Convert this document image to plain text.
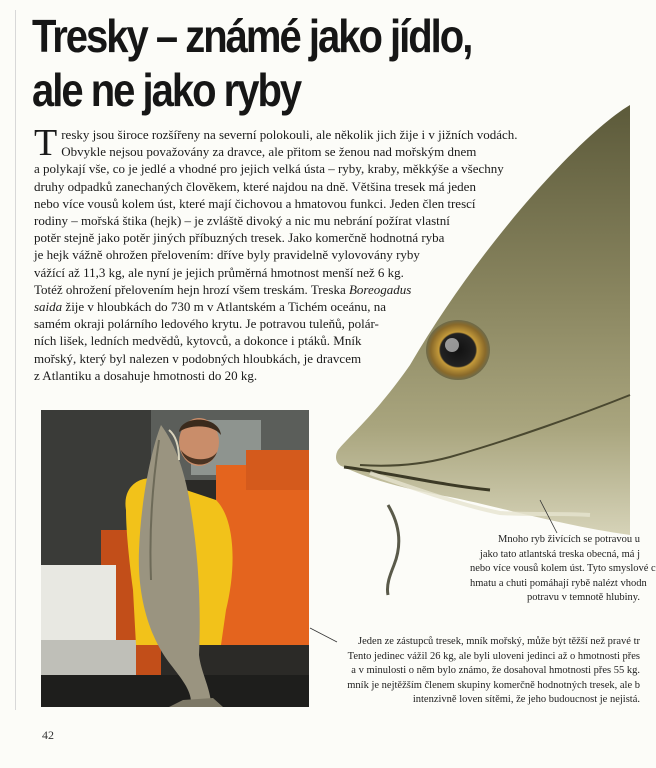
Tresky – známé jako jídlo,
ale ne jako ryby
T resky jsou široce rozšířeny na severní polokouli, ale několik jich žije i v jižních vodách.
Obvykle nejsou považovány za dravce, ale přitom se ženou nad mořským dnem
a polykají vše, co je jedlé a vhodné pro jejich velká ústa – ryby, kraby, měkkýše a všechny
druhy odpadků zanechaných člověkem, které najdou na dně. Většina tresek má jeden
nebo více vousů kolem úst, které mají čichovou a hmatovou funkci. Jeden člen trescí
rodiny – mořská štika (hejk) – je zvláště divoký a nic mu nebrání požírat vlastní
potěr stejně jako potěr jiných příbuzných tresek. Jako komerčně hodnotná ryba
je hejk vážně ohrožen přelovením: dříve byly pravidelně vylovovány ryby
vážící až 11,3 kg, ale nyní je jejich průměrná hmotnost menší než 6 kg.
Totéž ohrožení přelovením hejn hrozí všem treskám. Treska Boreogadus
saida žije v hloubkách do 730 m v Atlantském a Tichém oceánu, na
samém okraji polárního ledového krytu. Je potravou tuleňů, polár-
ních lišek, ledních medvědů, kytovců, a dokonce i ptáků. Mník
mořský, který byl nalezen v podobných hloubkách, je dravcem
z Atlantiku a dosahuje hmotnosti do 20 kg.
Mnoho ryb živících se potravou u
jako tato atlantská treska obecná, má j
nebo více vousů kolem úst. Tyto smyslové c
hmatu a chuti pomáhají rybě nalézt vhodn
potravu v temnotě hlubiny.
Jeden ze zástupců tresek, mník mořský, může být těžší než pravé tr
Tento jedinec vážil 26 kg, ale byli uloveni jedinci až o hmotnosti přes
a v minulosti o něm bylo známo, že dosahoval hmotnosti přes 55 kg.
mník je nejtěžším členem skupiny komerčně hodnotných tresek, ale b
intenzivně loven sítěmi, že jeho budoucnost je nejistá.
42
